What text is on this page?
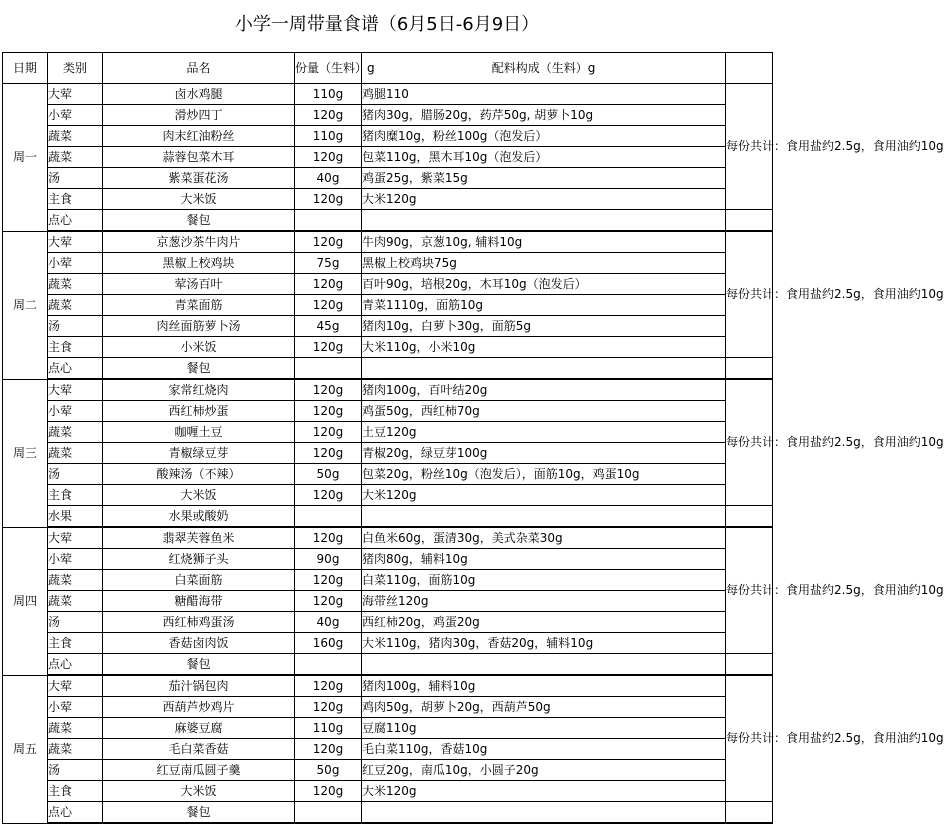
小学一周带量食谱（6月5日-6月9日）
日期	类别	品名	份量（生料）g	配料构成（生料）g	
周一	大荤	卤水鸡腿	110g	鸡腿110	每份共计：食用盐约2.5g，食用油约10g
	小荤	滑炒四丁	120g	猪肉30g，腊肠20g，药芹50g, 胡萝卜10g	
	蔬菜	肉末红油粉丝	110g	猪肉糜10g，粉丝100g（泡发后）	
	蔬菜	蒜蓉包菜木耳	120g	包菜110g，黑木耳10g（泡发后）	
	汤	紫菜蛋花汤	40g	鸡蛋25g，紫菜15g	
	主食	大米饭	120g	大米120g	
	点心	餐包			
周二	大荤	京葱沙茶牛肉片	120g	牛肉90g，京葱10g, 辅料10g	每份共计：食用盐约2.5g，食用油约10g
	小荤	黑椒上校鸡块	75g	黑椒上校鸡块75g	
	蔬菜	荤汤百叶	120g	百叶90g，培根20g，木耳10g（泡发后）	
	蔬菜	青菜面筋	120g	青菜1110g，面筋10g	
	汤	肉丝面筋萝卜汤	45g	猪肉10g，白萝卜30g，面筋5g	
	主食	小米饭	120g	大米110g，小米10g	
	点心	餐包			
周三	大荤	家常红烧肉	120g	猪肉100g，百叶结20g	每份共计：食用盐约2.5g，食用油约10g
	小荤	西红柿炒蛋	120g	鸡蛋50g，西红柿70g	
	蔬菜	咖喱土豆	120g	土豆120g	
	蔬菜	青椒绿豆芽	120g	青椒20g，绿豆芽100g	
	汤	酸辣汤（不辣）	50g	包菜20g，粉丝10g（泡发后），面筋10g，鸡蛋10g	
	主食	大米饭	120g	大米120g	
	水果	水果或酸奶			
周四	大荤	翡翠芙蓉鱼米	120g	白鱼米60g，蛋清30g，美式杂菜30g	每份共计：食用盐约2.5g，食用油约10g
	小荤	红烧狮子头	90g	猪肉80g，辅料10g	
	蔬菜	白菜面筋	120g	白菜110g，面筋10g	
	蔬菜	糖醋海带	120g	海带丝120g	
	汤	西红柿鸡蛋汤	40g	西红柿20g，鸡蛋20g	
	主食	香菇卤肉饭	160g	大米110g，猪肉30g，香菇20g，辅料10g	
	点心	餐包			
周五	大荤	茄汁锅包肉	120g	猪肉100g，辅料10g	每份共计：食用盐约2.5g，食用油约10g
	小荤	西葫芦炒鸡片	120g	鸡肉50g，胡萝卜20g，西葫芦50g	
	蔬菜	麻婆豆腐	110g	豆腐110g	
	蔬菜	毛白菜香菇	120g	毛白菜110g，香菇10g	
	汤	红豆南瓜圆子羹	50g	红豆20g，南瓜10g，小圆子20g	
	主食	大米饭	120g	大米120g	
	点心	餐包			
